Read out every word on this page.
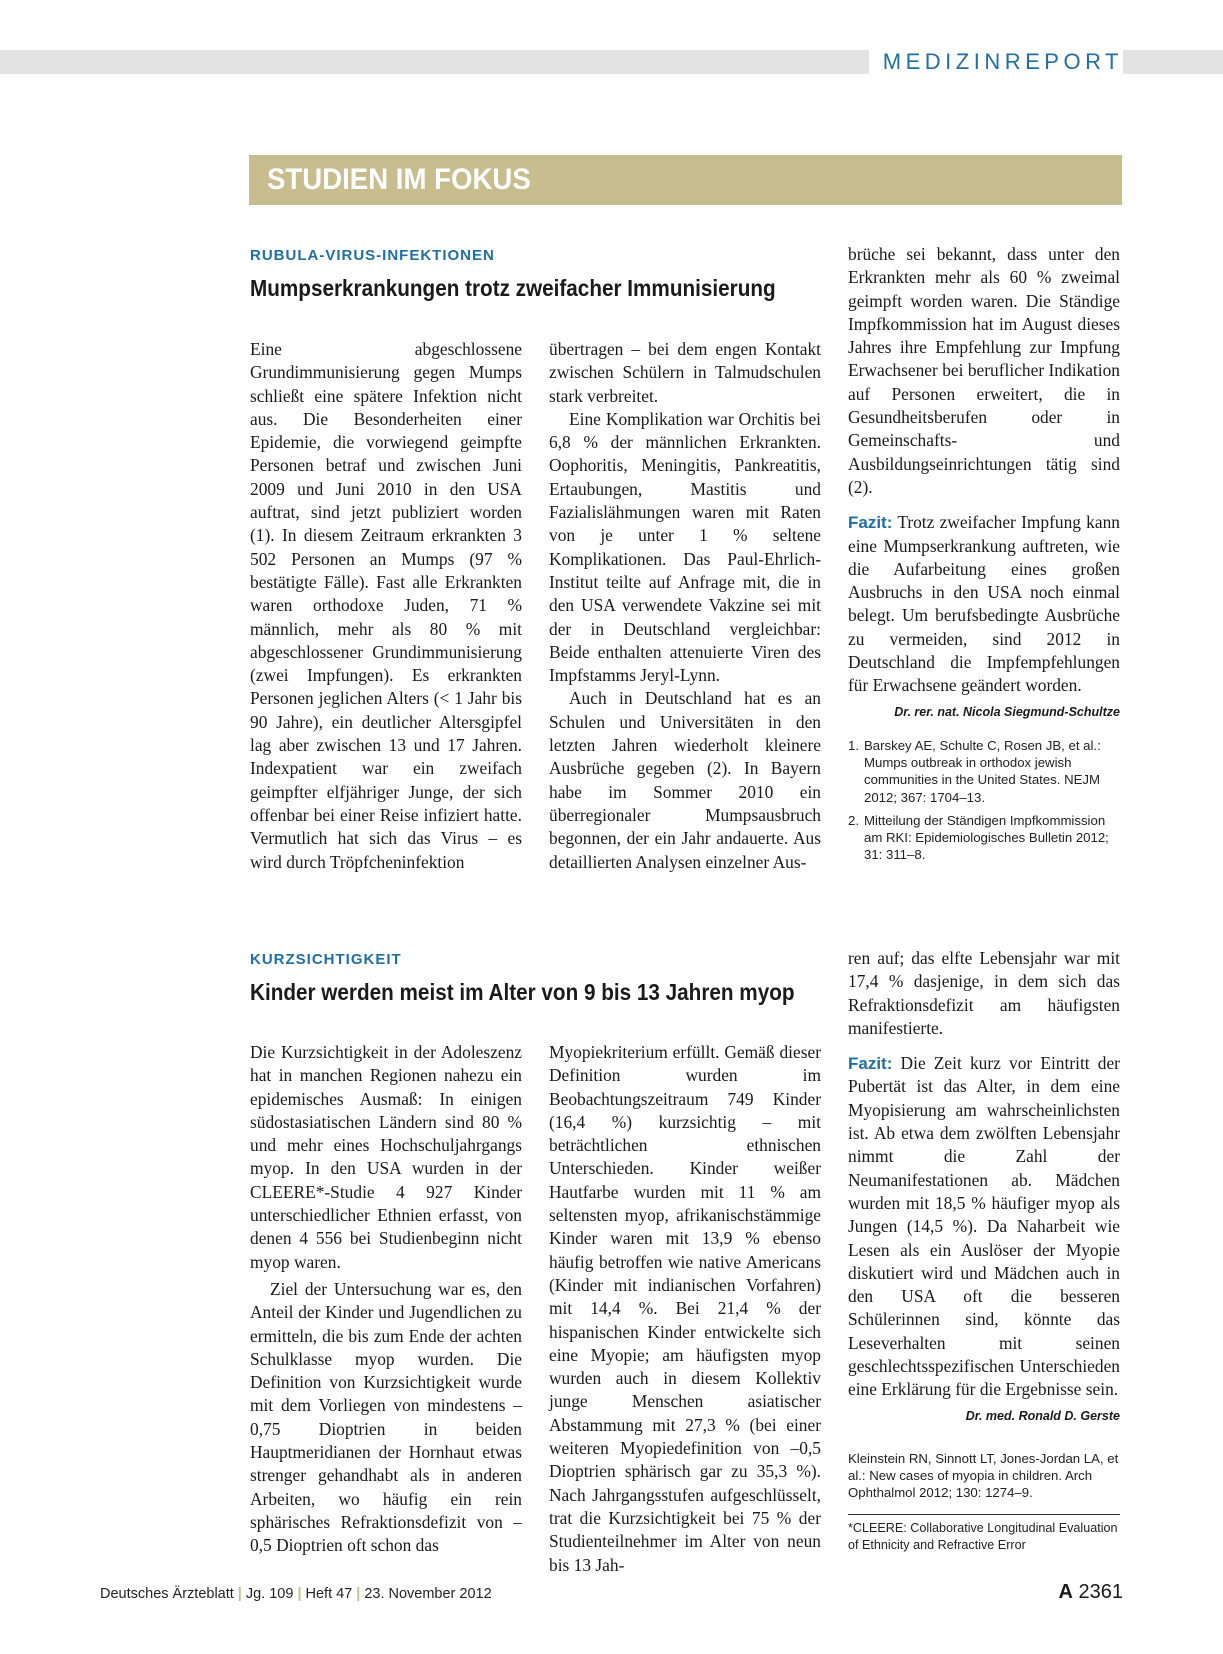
MEDIZINREPORT
STUDIEN IM FOKUS
RUBULA-VIRUS-INFEKTIONEN
Mumpserkrankungen trotz zweifacher Immunisierung

Eine abgeschlossene Grundimmunisierung gegen Mumps schließt eine spätere Infektion nicht aus. Die Besonderheiten einer Epidemie, die vorwiegend geimpfte Personen betraf und zwischen Juni 2009 und Juni 2010 in den USA auftrat, sind jetzt publiziert worden (1). In diesem Zeitraum erkrankten 3 502 Personen an Mumps (97 % bestätigte Fälle). Fast alle Erkrankten waren orthodoxe Juden, 71 % männlich, mehr als 80 % mit abgeschlossener Grundimmunisierung (zwei Impfungen). Es erkrankten Personen jeglichen Alters (< 1 Jahr bis 90 Jahre), ein deutlicher Altersgipfel lag aber zwischen 13 und 17 Jahren. Indexpatient war ein zweifach geimpfter elfjähriger Junge, der sich offenbar bei einer Reise infiziert hatte. Vermutlich hat sich das Virus – es wird durch Tröpfcheninfektion

übertragen – bei dem engen Kontakt zwischen Schülern in Talmudschulen stark verbreitet.

Eine Komplikation war Orchitis bei 6,8 % der männlichen Erkrankten. Oophoritis, Meningitis, Pankreatitis, Ertaubungen, Mastitis und Fazialislähmungen waren mit Raten von je unter 1 % seltene Komplikationen. Das Paul-Ehrlich-Institut teilte auf Anfrage mit, die in den USA verwendete Vakzine sei mit der in Deutschland vergleichbar: Beide enthalten attenuierte Viren des Impfstamms Jeryl-Lynn.

Auch in Deutschland hat es an Schulen und Universitäten in den letzten Jahren wiederholt kleinere Ausbrüche gegeben (2). In Bayern habe im Sommer 2010 ein überregionaler Mumpsausbruch begonnen, der ein Jahr andauerte. Aus detaillierten Analysen einzelner Aus-

brüche sei bekannt, dass unter den Erkrankten mehr als 60 % zweimal geimpft worden waren. Die Ständige Impfkommission hat im August dieses Jahres ihre Empfehlung zur Impfung Erwachsener bei beruflicher Indikation auf Personen erweitert, die in Gesundheitsberufen oder in Gemeinschafts- und Ausbildungseinrichtungen tätig sind (2).

Fazit: Trotz zweifacher Impfung kann eine Mumpserkrankung auftreten, wie die Aufarbeitung eines großen Ausbruchs in den USA noch einmal belegt. Um berufsbedingte Ausbrüche zu vermeiden, sind 2012 in Deutschland die Impfempfehlungen für Erwachsene geändert worden.
Dr. rer. nat. Nicola Siegmund-Schultze

1. Barskey AE, Schulte C, Rosen JB, et al.: Mumps outbreak in orthodox jewish communities in the United States. NEJM 2012; 367: 1704–13.
2. Mitteilung der Ständigen Impfkommission am RKI: Epidemiologisches Bulletin 2012; 31: 311–8.
KURZSICHTIGKEIT
Kinder werden meist im Alter von 9 bis 13 Jahren myop

Die Kurzsichtigkeit in der Adoleszenz hat in manchen Regionen nahezu ein epidemisches Ausmaß: In einigen südostasiatischen Ländern sind 80 % und mehr eines Hochschuljahrgangs myop. In den USA wurden in der CLEERE*-Studie 4 927 Kinder unterschiedlicher Ethnien erfasst, von denen 4 556 bei Studienbeginn nicht myop waren.

Ziel der Untersuchung war es, den Anteil der Kinder und Jugendlichen zu ermitteln, die bis zum Ende der achten Schulklasse myop wurden. Die Definition von Kurzsichtigkeit wurde mit dem Vorliegen von mindestens –0,75 Dioptrien in beiden Hauptmeridianen der Hornhaut etwas strenger gehandhabt als in anderen Arbeiten, wo häufig ein rein sphärisches Refraktionsdefizit von –0,5 Dioptrien oft schon das

Myopiekriterium erfüllt. Gemäß dieser Definition wurden im Beobachtungszeitraum 749 Kinder (16,4 %) kurzsichtig – mit beträchtlichen ethnischen Unterschieden. Kinder weißer Hautfarbe wurden mit 11 % am seltensten myop, afrikanischstämmige Kinder waren mit 13,9 % ebenso häufig betroffen wie native Americans (Kinder mit indianischen Vorfahren) mit 14,4 %. Bei 21,4 % der hispanischen Kinder entwickelte sich eine Myopie; am häufigsten myop wurden auch in diesem Kollektiv junge Menschen asiatischer Abstammung mit 27,3 % (bei einer weiteren Myopiedefinition von –0,5 Dioptrien sphärisch gar zu 35,3 %). Nach Jahrgangsstufen aufgeschlüsselt, trat die Kurzsichtigkeit bei 75 % der Studienteilnehmer im Alter von neun bis 13 Jah-

ren auf; das elfte Lebensjahr war mit 17,4 % dasjenige, in dem sich das Refraktionsdefizit am häufigsten manifestierte.

Fazit: Die Zeit kurz vor Eintritt der Pubertät ist das Alter, in dem eine Myopisierung am wahrscheinlichsten ist. Ab etwa dem zwölften Lebensjahr nimmt die Zahl der Neumanifestationen ab. Mädchen wurden mit 18,5 % häufiger myop als Jungen (14,5 %). Da Naharbeit wie Lesen als ein Auslöser der Myopie diskutiert wird und Mädchen auch in den USA oft die besseren Schülerinnen sind, könnte das Leseverhalten mit seinen geschlechtsspezifischen Unterschieden eine Erklärung für die Ergebnisse sein.
Dr. med. Ronald D. Gerste

Kleinstein RN, Sinnott LT, Jones-Jordan LA, et al.: New cases of myopia in children. Arch Ophthalmol 2012; 130: 1274–9.
*CLEERE: Collaborative Longitudinal Evaluation of Ethnicity and Refractive Error
Deutsches Ärzteblatt | Jg. 109 | Heft 47 | 23. November 2012	A 2361
